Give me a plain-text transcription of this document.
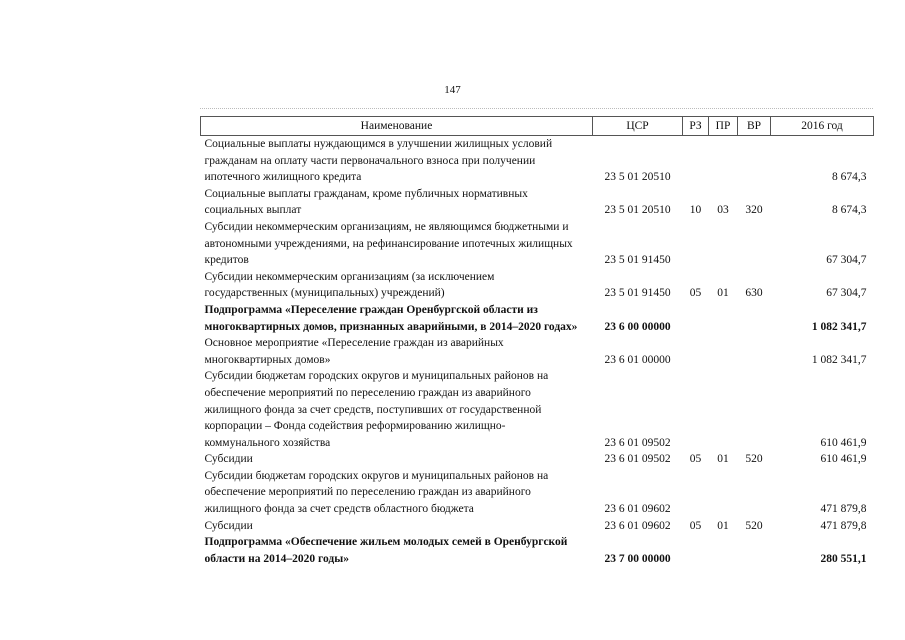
147
Наименование	ЦСР	РЗ	ПР	ВР	2016 год
Социальные выплаты нуждающимся в улучшении жилищных условий гражданам на оплату части первоначального взноса при получении ипотечного жилищного кредита	23 5 01 20510				8 674,3
Социальные выплаты гражданам, кроме публичных нормативных социальных выплат	23 5 01 20510	10	03	320	8 674,3
Субсидии некоммерческим организациям, не являющимся бюджетными и автономными учреждениями, на рефинансирование ипотечных жилищных кредитов	23 5 01 91450				67 304,7
Субсидии некоммерческим организациям (за исключением государственных (муниципальных) учреждений)	23 5 01 91450	05	01	630	67 304,7
Подпрограмма «Переселение граждан Оренбургской области из многоквартирных домов, признанных аварийными, в 2014–2020 годах»	23 6 00 00000				1 082 341,7
Основное мероприятие «Переселение граждан из аварийных многоквартирных домов»	23 6 01 00000				1 082 341,7
Субсидии бюджетам городских округов и муниципальных районов на обеспечение мероприятий по переселению граждан из аварийного жилищного фонда за счет средств, поступивших от государственной корпорации – Фонда содействия реформированию жилищно-коммунального хозяйства	23 6 01 09502				610 461,9
Субсидии	23 6 01 09502	05	01	520	610 461,9
Субсидии бюджетам городских округов и муниципальных районов на обеспечение мероприятий по переселению граждан из аварийного жилищного фонда за счет средств областного бюджета	23 6 01 09602				471 879,8
Субсидии	23 6 01 09602	05	01	520	471 879,8
Подпрограмма «Обеспечение жильем молодых семей в Оренбургской области на 2014–2020 годы»	23 7 00 00000				280 551,1
